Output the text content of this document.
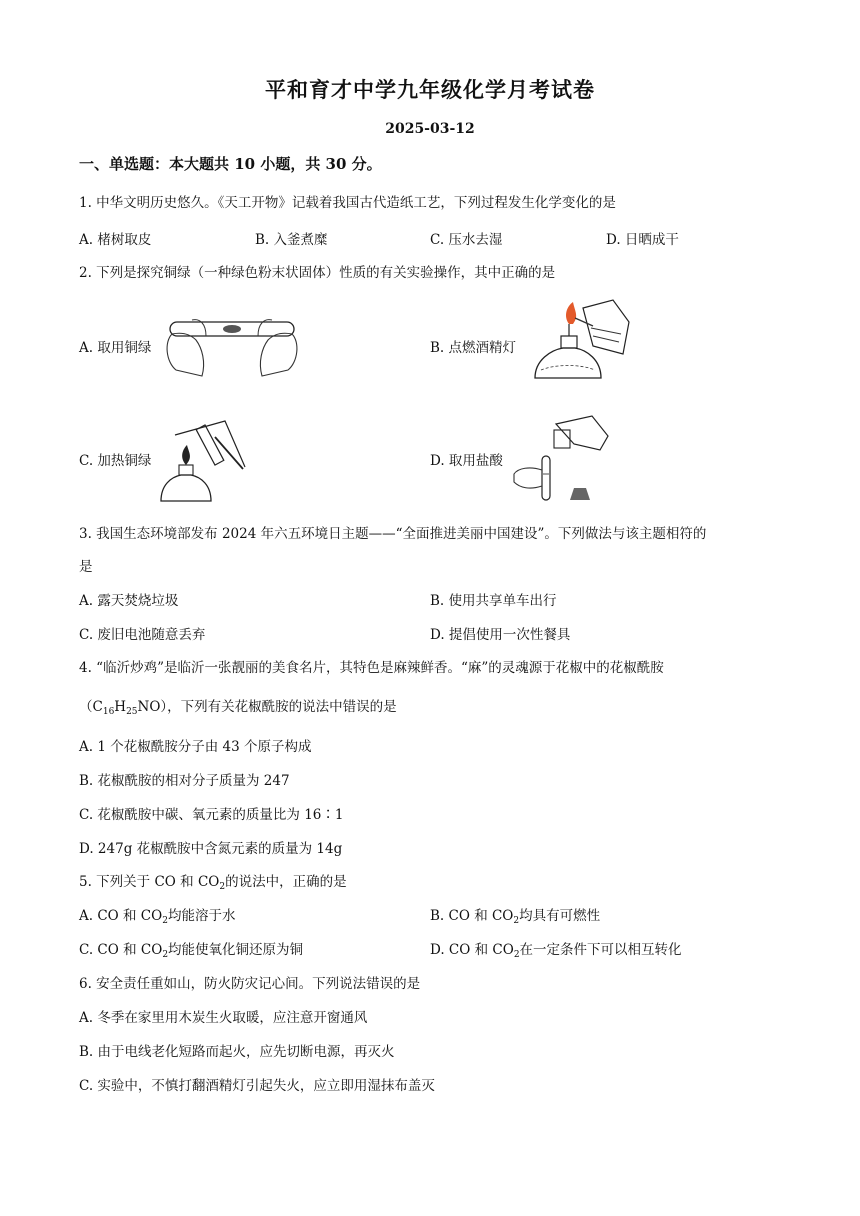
平和育才中学九年级化学月考试卷
2025-03-12
一、单选题：本大题共 10 小题，共 30 分。
1. 中华文明历史悠久。《天工开物》记载着我国古代造纸工艺，下列过程发生化学变化的是
A. 楮树取皮	B. 入釜煮糜	C. 压水去湿	D. 日晒成干
2. 下列是探究铜绿（一种绿色粉末状固体）性质的有关实验操作，其中正确的是
A. 取用铜绿	B. 点燃酒精灯
C. 加热铜绿	D. 取用盐酸
3. 我国生态环境部发布 2024 年六五环境日主题——“全面推进美丽中国建设”。下列做法与该主题相符的
是
A. 露天焚烧垃圾	B. 使用共享单车出行
C. 废旧电池随意丢弃	D. 提倡使用一次性餐具
4. “临沂炒鸡”是临沂一张靓丽的美食名片，其特色是麻辣鲜香。“麻”的灵魂源于花椒中的花椒酰胺
$(C_{16}H_{25}NO)$，下列有关花椒酰胺的说法中错误的是
A. 1 个花椒酰胺分子由 43 个原子构成
B. 花椒酰胺的相对分子质量为 247
C. 花椒酰胺中碳、氧元素的质量比为 16∶1
D. 247g 花椒酰胺中含氮元素的质量为 14g
5. 下列关于 CO 和 $CO_2$的说法中，正确的是
A. CO 和 $CO_2$均能溶于水	B. CO 和 $CO_2$均具有可燃性
C. CO 和 $CO_2$均能使氧化铜还原为铜	D. CO 和 $CO_2$在一定条件下可以相互转化
6. 安全责任重如山，防火防灾记心间。下列说法错误的是
A. 冬季在家里用木炭生火取暖，应注意开窗通风
B. 由于电线老化短路而起火，应先切断电源，再灭火
C. 实验中，不慎打翻酒精灯引起失火，应立即用湿抹布盖灭
